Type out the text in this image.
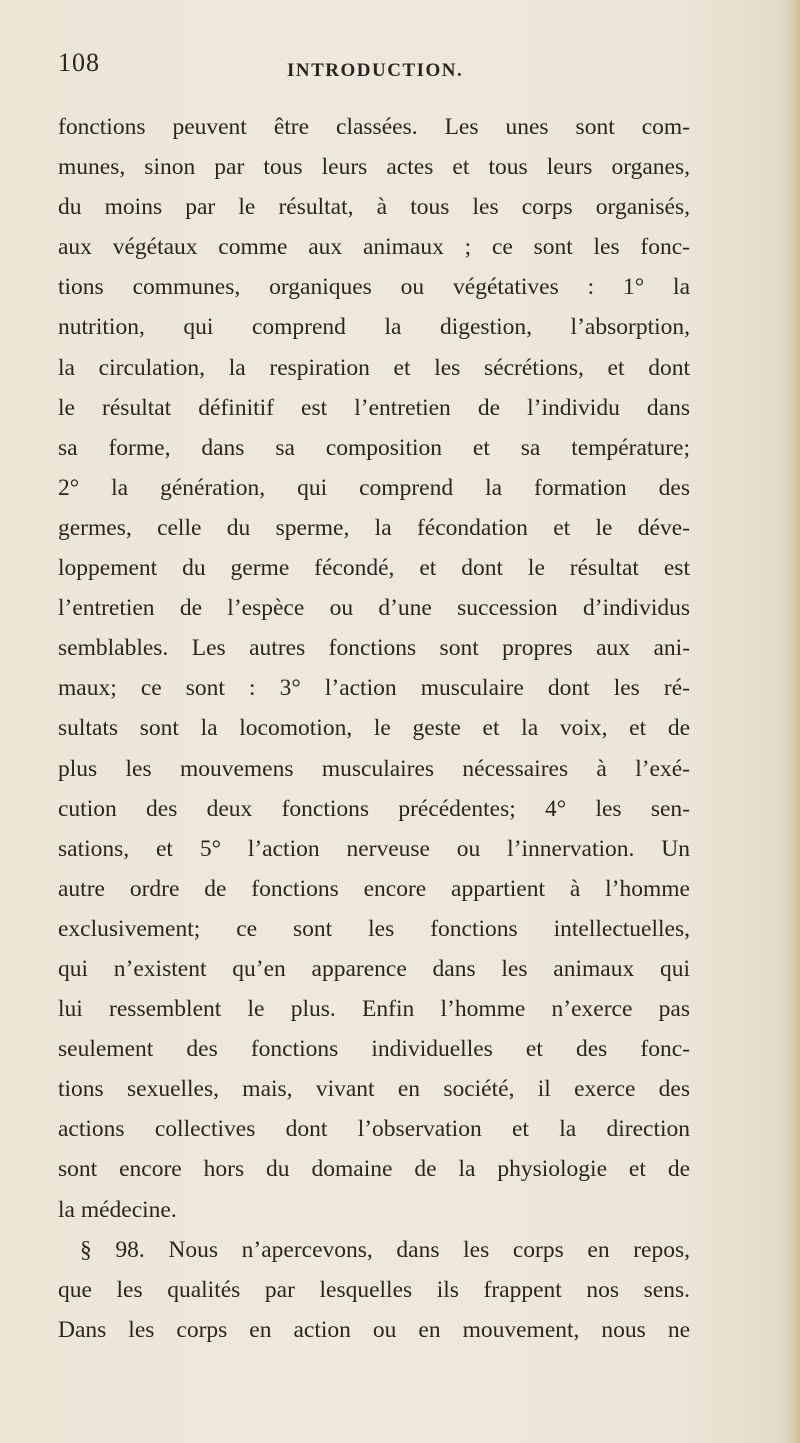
108	INTRODUCTION.
fonctions peuvent être classées. Les unes sont com-
munes, sinon par tous leurs actes et tous leurs organes,
du moins par le résultat, à tous les corps organisés,
aux végétaux comme aux animaux ; ce sont les fonc-
tions communes, organiques ou végétatives : 1° la
nutrition, qui comprend la digestion, l’absorption,
la circulation, la respiration et les sécrétions, et dont
le résultat définitif est l’entretien de l’individu dans
sa forme, dans sa composition et sa température;
2° la génération, qui comprend la formation des
germes, celle du sperme, la fécondation et le déve-
loppement du germe fécondé, et dont le résultat est
l’entretien de l’espèce ou d’une succession d’individus
semblables. Les autres fonctions sont propres aux ani-
maux; ce sont : 3° l’action musculaire dont les ré-
sultats sont la locomotion, le geste et la voix, et de
plus les mouvemens musculaires nécessaires à l’exé-
cution des deux fonctions précédentes; 4° les sen-
sations, et 5° l’action nerveuse ou l’innervation. Un
autre ordre de fonctions encore appartient à l’homme
exclusivement; ce sont les fonctions intellectuelles,
qui n’existent qu’en apparence dans les animaux qui
lui ressemblent le plus. Enfin l’homme n’exerce pas
seulement des fonctions individuelles et des fonc-
tions sexuelles, mais, vivant en société, il exerce des
actions collectives dont l’observation et la direction
sont encore hors du domaine de la physiologie et de
la médecine.
§ 98. Nous n’apercevons, dans les corps en repos,
que les qualités par lesquelles ils frappent nos sens.
Dans les corps en action ou en mouvement, nous ne
